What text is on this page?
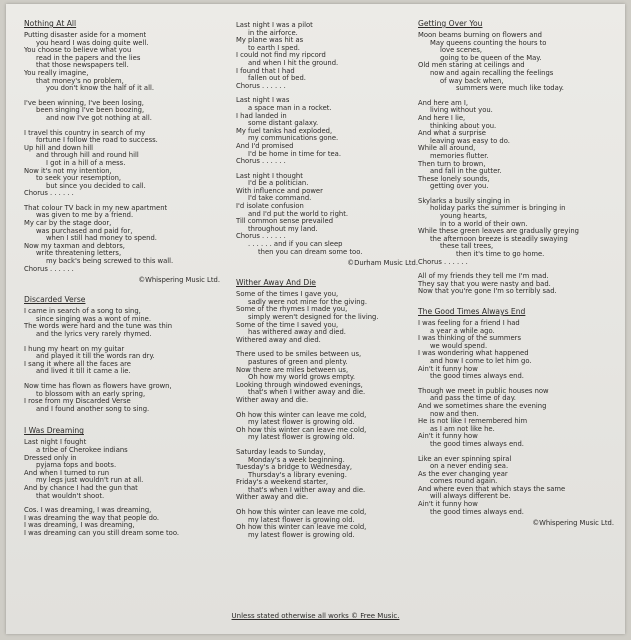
Nothing At All
Putting disaster aside for a moment
you heard I was doing quite well.
You choose to believe what you
read in the papers and the lies
that those newspapers tell.
You really imagine,
that money's no problem,
you don't know the half of it all.
I've been winning, I've been losing,
been singing I've been boozing,
and now I've got nothing at all.
I travel this country in search of my
fortune I follow the road to success.
Up hill and down hill
and through hill and round hill
I got in a hill of a mess.
Now it's not my intention,
to seek your resemption,
but since you decided to call.
Chorus . . . . . .
That colour TV back in my new apartment
was given to me by a friend.
My car by the stage door,
was purchased and paid for,
when I still had money to spend.
Now my taxman and debtors,
write threatening letters,
my back's being screwed to this wall.
Chorus . . . . . .
©Whispering Music Ltd.
Discarded Verse
I came in search of a song to sing,
since singing was a wont of mine.
The words were hard and the tune was thin
and the lyrics very rarely rhymed.
I hung my heart on my guitar
and played it till the words ran dry.
I sang it where all the faces are
and lived it till it came a lie.
Now time has flown as flowers have grown,
to blossom with an early spring,
I rose from my Discarded Verse
and I found another song to sing.
I Was Dreaming
Last night I fought
a tribe of Cherokee indians
Dressed only in
pyjama tops and boots.
And when I turned to run
my legs just wouldn't run at all.
And by chance I had the gun that
that wouldn't shoot.
Cos. I was dreaming, I was dreaming,
I was dreaming the way that people do.
I was dreaming, I was dreaming,
I was dreaming can you still dream some too.
Last night I was a pilot
in the airforce.
My plane was hit as
to earth I sped.
I could not find my ripcord
and when I hit the ground.
I found that I had
fallen out of bed.
Chorus . . . . . .
Last night I was
a space man in a rocket.
I had landed in
some distant galaxy.
My fuel tanks had exploded,
my communications gone.
And I'd promised
I'd be home in time for tea.
Chorus . . . . . .
Last night I thought
I'd be a politician.
With influence and power
I'd take command.
I'd isolate confusion
and I'd put the world to right.
Till common sense prevailed
throughout my land.
Chorus . . . . . .
. . . . . . and if you can sleep
then you can dream some too.
©Durham Music Ltd.
Wither Away And Die
Some of the times I gave you,
sadly were not mine for the giving.
Some of the rhymes I made you,
simply weren't designed for the living.
Some of the time I saved you,
has withered away and died.
Withered away and died.
There used to be smiles between us,
pastures of green and plenty.
Now there are miles between us,
Oh how my world grows empty.
Looking through windowed evenings,
that's when I wither away and die.
Wither away and die.
Oh how this winter can leave me cold,
my latest flower is growing old.
Oh how this winter can leave me cold,
my latest flower is growing old.
Saturday leads to Sunday,
Monday's a week beginning.
Tuesday's a bridge to Wednesday,
Thursday's a library evening.
Friday's a weekend starter,
that's when I wither away and die.
Wither away and die.
Oh how this winter can leave me cold,
my latest flower is growing old.
Oh how this winter can leave me cold,
my latest flower is growing old.
Getting Over You
Moon beams burning on flowers and
May queens counting the hours to
love scenes,
going to be queen of the May.
Old men staring at ceilings and
now and again recalling the feelings
of way back when,
summers were much like today.
And here am I,
living without you.
And here I lie,
thinking about you.
And what a surprise
leaving was easy to do.
While all around,
memories flutter.
Then turn to brown,
and fall in the gutter.
These lonely sounds,
getting over you.
Skylarks a busily singing in
holiday parks the summer is bringing in
young hearts,
in to a world of their own.
While these green leaves are gradually greying
the afternoon breeze is steadily swaying
these tall trees,
then it's time to go home.
Chorus . . . . . .
All of my friends they tell me I'm mad.
They say that you were nasty and bad.
Now that you're gone I'm so terribly sad.
The Good Times Always End
I was feeling for a friend I had
a year a while ago.
I was thinking of the summers
we would spend.
I was wondering what happened
and how I come to let him go.
Ain't it funny how
the good times always end.
Though we meet in public houses now
and pass the time of day.
And we sometimes share the evening
now and then.
He is not like I remembered him
as I am not like he.
Ain't it funny how
the good times always end.
Like an ever spinning spiral
on a never ending sea.
As the ever changing year
comes round again.
And where even that which stays the same
will always different be.
Ain't it funny how
the good times always end.
©Whispering Music Ltd.
Unless stated otherwise all works © Free Music.
